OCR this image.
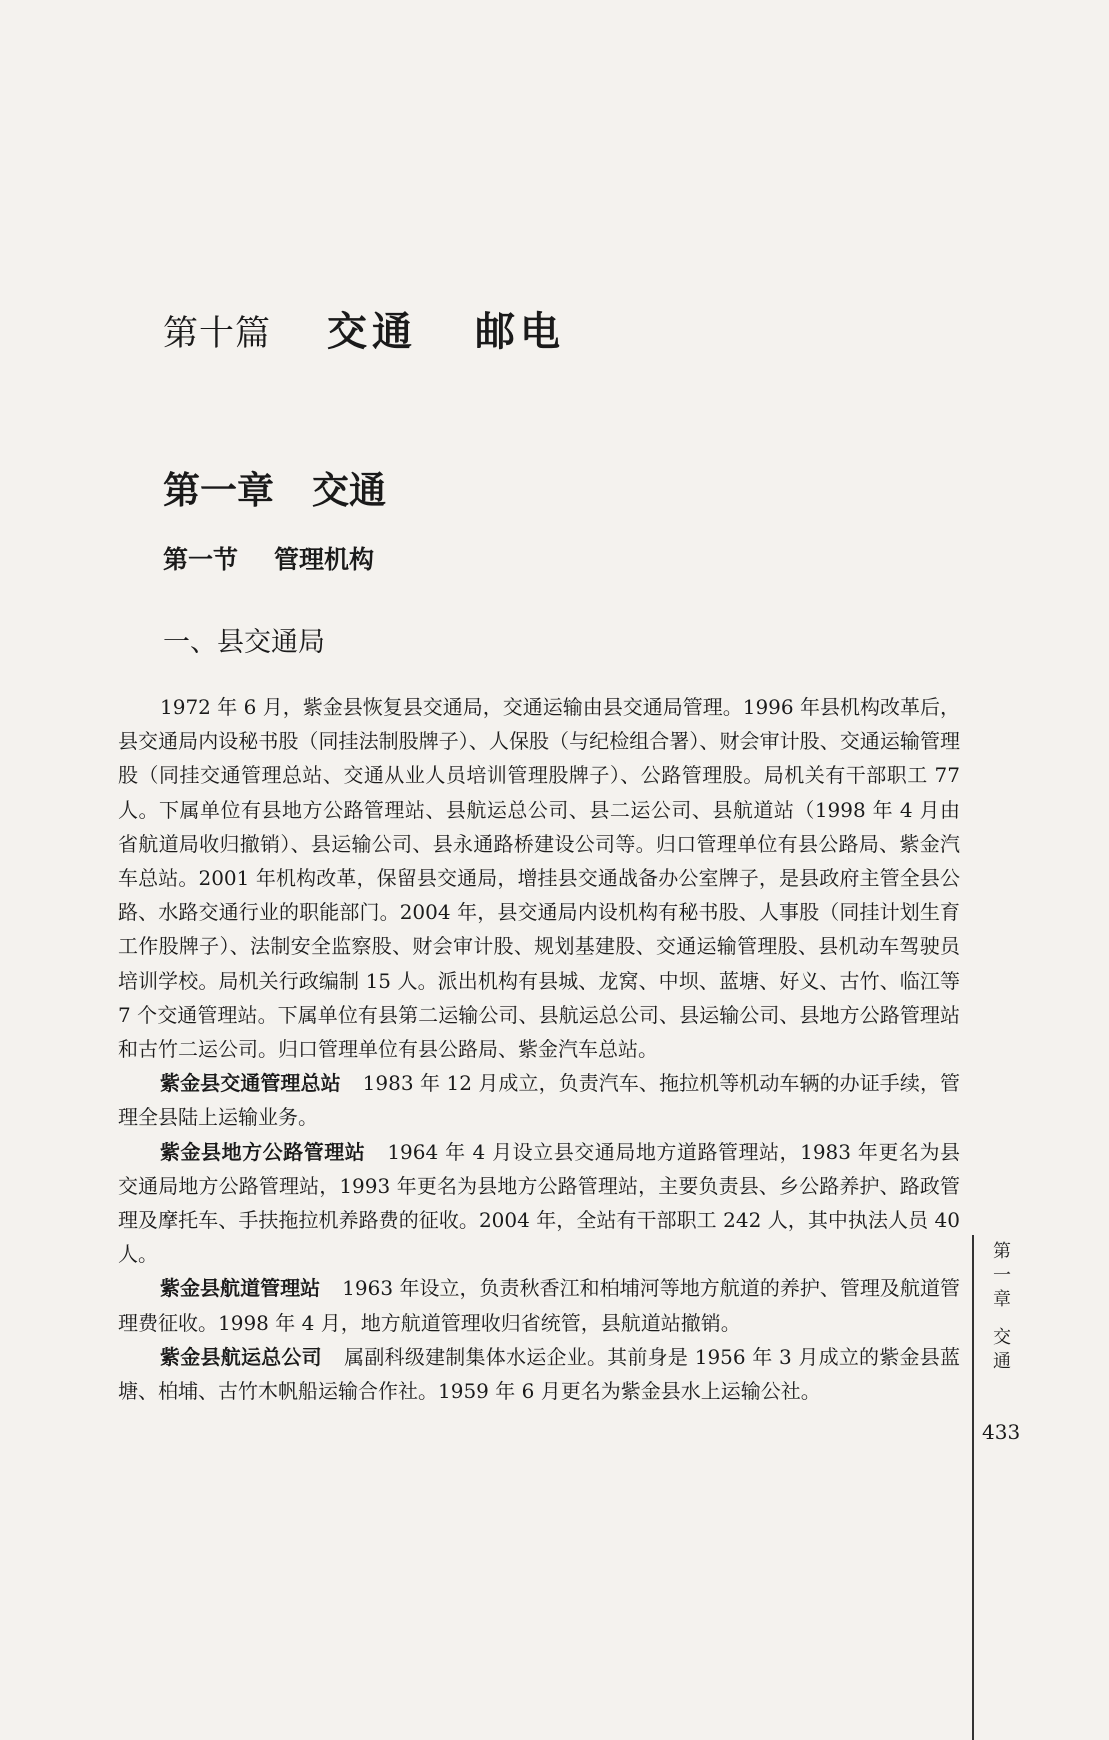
第十篇 交通 邮电
第一章 交通
第一节 管理机构
一、县交通局

1972 年 6 月，紫金县恢复县交通局，交通运输由县交通局管理。1996 年县机构改革后，县交通局内设秘书股（同挂法制股牌子）、人保股（与纪检组合署）、财会审计股、交通运输管理股（同挂交通管理总站、交通从业人员培训管理股牌子）、公路管理股。局机关有干部职工 77 人。下属单位有县地方公路管理站、县航运总公司、县二运公司、县航道站（1998 年 4 月由省航道局收归撤销）、县运输公司、县永通路桥建设公司等。归口管理单位有县公路局、紫金汽车总站。2001 年机构改革，保留县交通局，增挂县交通战备办公室牌子，是县政府主管全县公路、水路交通行业的职能部门。2004 年，县交通局内设机构有秘书股、人事股（同挂计划生育工作股牌子）、法制安全监察股、财会审计股、规划基建股、交通运输管理股、县机动车驾驶员培训学校。局机关行政编制 15 人。派出机构有县城、龙窝、中坝、蓝塘、好义、古竹、临江等 7 个交通管理站。下属单位有县第二运输公司、县航运总公司、县运输公司、县地方公路管理站和古竹二运公司。归口管理单位有县公路局、紫金汽车总站。

紫金县交通管理总站 1983 年 12 月成立，负责汽车、拖拉机等机动车辆的办证手续，管理全县陆上运输业务。

紫金县地方公路管理站 1964 年 4 月设立县交通局地方道路管理站，1983 年更名为县交通局地方公路管理站，1993 年更名为县地方公路管理站，主要负责县、乡公路养护、路政管理及摩托车、手扶拖拉机养路费的征收。2004 年，全站有干部职工 242 人，其中执法人员 40 人。

紫金县航道管理站 1963 年设立，负责秋香江和柏埔河等地方航道的养护、管理及航道管理费征收。1998 年 4 月，地方航道管理收归省统管，县航道站撤销。

紫金县航运总公司 属副科级建制集体水运企业。其前身是 1956 年 3 月成立的紫金县蓝塘、柏埔、古竹木帆船运输合作社。1959 年 6 月更名为紫金县水上运输公社。

第
一
章
交
通
433
